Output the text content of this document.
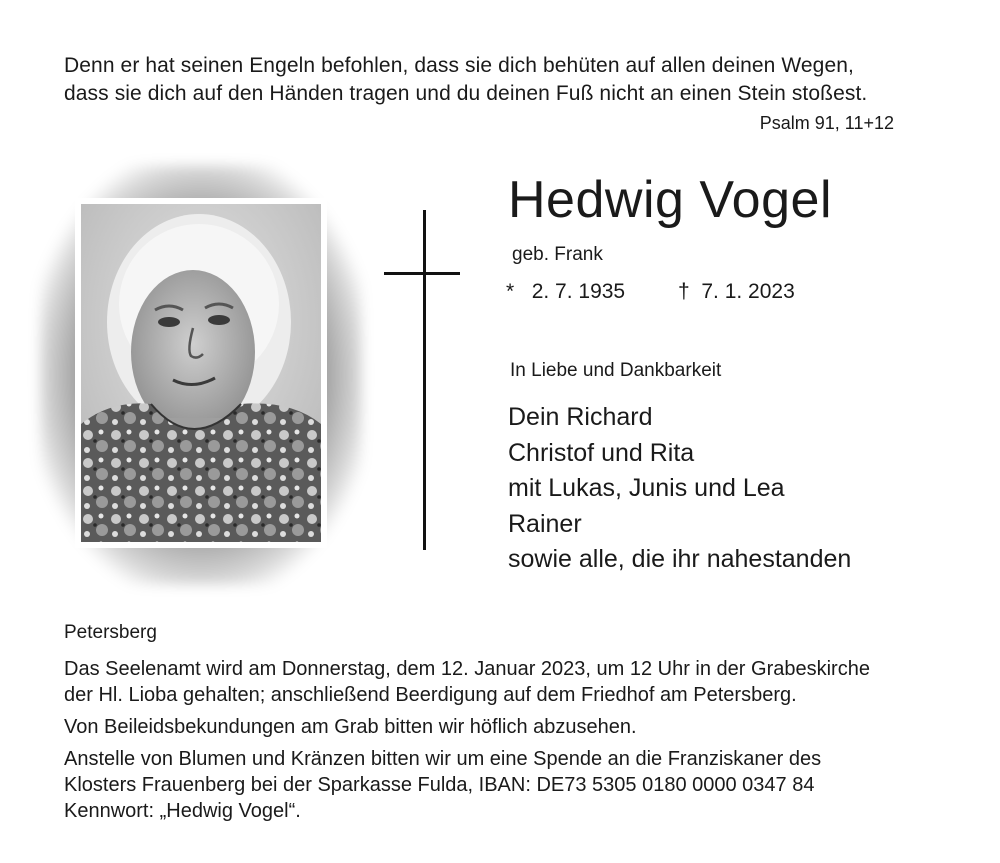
Denn er hat seinen Engeln befohlen, dass sie dich behüten auf allen deinen Wegen,
dass sie dich auf den Händen tragen und du deinen Fuß nicht an einen Stein stoßest.
Psalm 91, 11+12
Hedwig Vogel
geb. Frank
* 2. 7. 1935	† 7. 1. 2023
In Liebe und Dankbarkeit
Dein Richard
Christof und Rita
mit Lukas, Junis und Lea
Rainer
sowie alle, die ihr nahestanden
Petersberg

Das Seelenamt wird am Donnerstag, dem 12. Januar 2023, um 12 Uhr in der Grabeskirche
der Hl. Lioba gehalten; anschließend Beerdigung auf dem Friedhof am Petersberg.

Von Beileidsbekundungen am Grab bitten wir höflich abzusehen.

Anstelle von Blumen und Kränzen bitten wir um eine Spende an die Franziskaner des
Klosters Frauenberg bei der Sparkasse Fulda, IBAN: DE73 5305 0180 0000 0347 84
Kennwort: „Hedwig Vogel“.
